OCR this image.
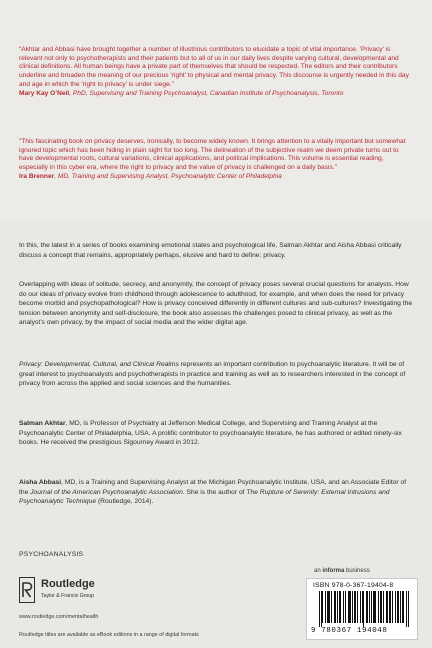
“Akhtar and Abbasi have brought together a number of illustrious contributors to elucidate a topic of vital importance. ‘Privacy’ is relevant not only to psychotherapists and their patients but to all of us in our daily lives despite varying cultural, developmental and clinical definitions. All human beings have a private part of themselves that should be respected. The editors and their contributors underline and broaden the meaning of our precious ‘right’ to physical and mental privacy. This discourse is urgently needed in this day and age in which the ‘right to privacy’ is under siege.”

Mary Kay O’Neil, PhD, Supervising and Training Psychoanalyst, Canadian Institute of Psychoanalysis, Toronto

“This fascinating book on privacy deserves, ironically, to become widely known. It brings attention to a vitally important but somewhat ignored topic which has been hiding in plain sight for too long. The delineation of the subjective realm we deem private turns out to have developmental roots, cultural variations, clinical applications, and political implications. This volume is essential reading, especially in this cyber era, where the right to privacy and the value of privacy is challenged on a daily basis.”

Ira Brenner, MD, Training and Supervising Analyst, Psychoanalytic Center of Philadelphia

In this, the latest in a series of books examining emotional states and psychological life, Salman Akhtar and Aisha Abbasi critically discuss a concept that remains, appropriately perhaps, elusive and hard to define: privacy.

Overlapping with ideas of solitude, secrecy, and anonymity, the concept of privacy poses several crucial questions for analysts. How do our ideas of privacy evolve from childhood through adolescence to adulthood, for example, and when does the need for privacy become morbid and psychopathological? How is privacy conceived differently in different cultures and sub-cultures? Investigating the tension between anonymity and self-disclosure, the book also assesses the challenges posed to clinical privacy, as well as the analyst’s own privacy, by the impact of social media and the wider digital age.

Privacy: Developmental, Cultural, and Clinical Realms represents an important contribution to psychoanalytic literature. It will be of great interest to psychoanalysts and psychotherapists in practice and training as well as to researchers interested in the concept of privacy from across the applied and social sciences and the humanities.

Salman Akhtar, MD, is Professor of Psychiatry at Jefferson Medical College, and Supervising and Training Analyst at the Psychoanalytic Center of Philadelphia, USA. A prolific contributor to psychoanalytic literature, he has authored or edited ninety-six books. He received the prestigious Sigourney Award in 2012.

Aisha Abbasi, MD, is a Training and Supervising Analyst at the Michigan Psychoanalytic Institute, USA, and an Associate Editor of the Journal of the American Psychoanalytic Association. She is the author of The Rupture of Serenity: External Intrusions and Psychoanalytic Technique (Routledge, 2014).

PSYCHOANALYSIS
Routledge
Taylor & Francis Group
www.routledge.com/mentalhealth
Routledge titles are available as eBook editions in a range of digital formats
an informa business
ISBN 978-0-367-19404-8
9 780367 194048
